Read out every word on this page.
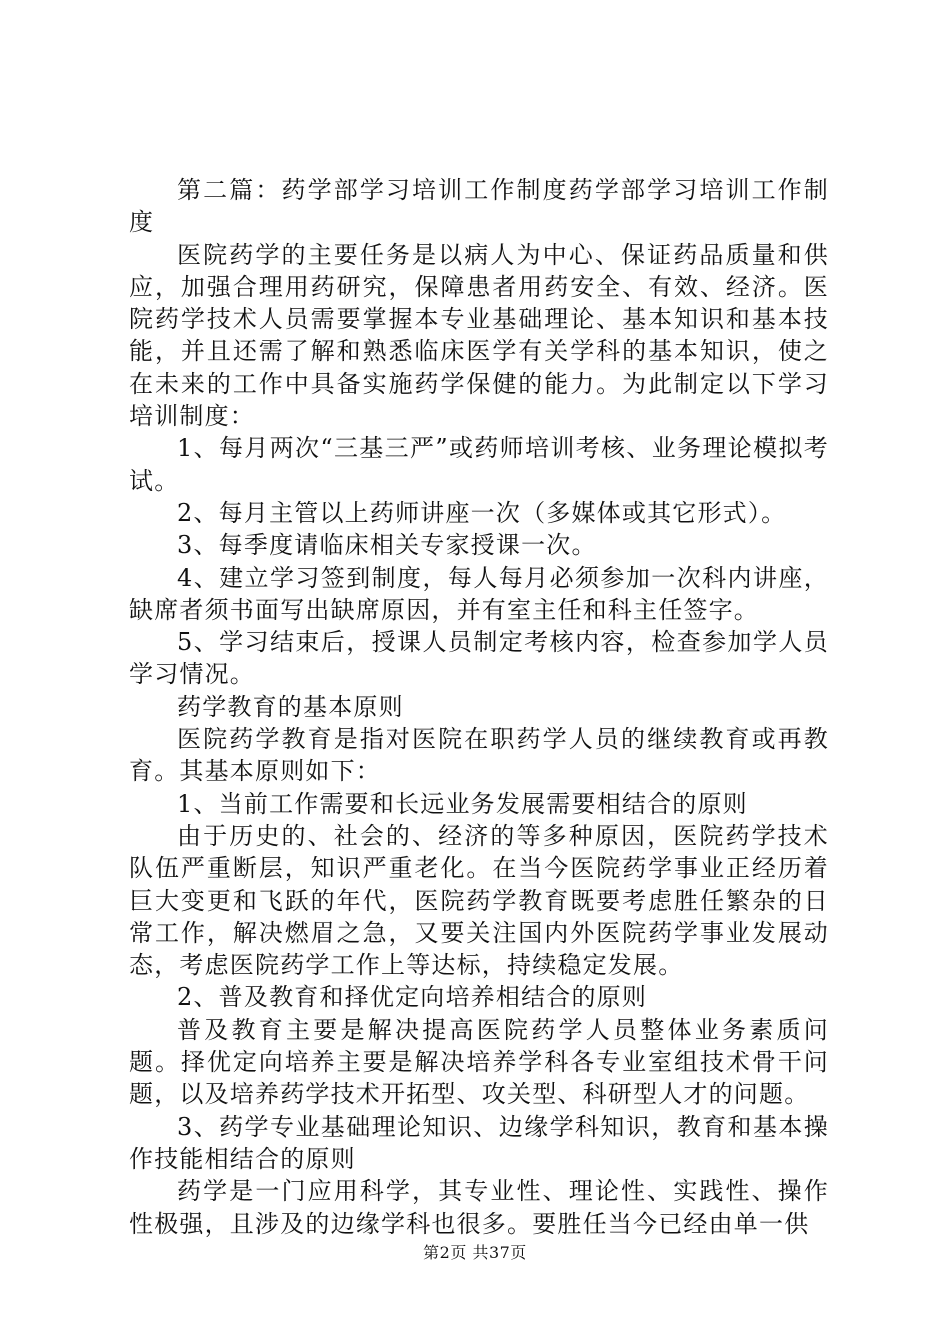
第二篇：药学部学习培训工作制度药学部学习培训工作制度

医院药学的主要任务是以病人为中心、保证药品质量和供应，加强合理用药研究，保障患者用药安全、有效、经济。医院药学技术人员需要掌握本专业基础理论、基本知识和基本技能，并且还需了解和熟悉临床医学有关学科的基本知识，使之在未来的工作中具备实施药学保健的能力。为此制定以下学习培训制度：

1、每月两次“三基三严”或药师培训考核、业务理论模拟考试。

2、每月主管以上药师讲座一次（多媒体或其它形式）。

3、每季度请临床相关专家授课一次。

4、建立学习签到制度，每人每月必须参加一次科内讲座，缺席者须书面写出缺席原因，并有室主任和科主任签字。

5、学习结束后，授课人员制定考核内容，检查参加学人员学习情况。

药学教育的基本原则

医院药学教育是指对医院在职药学人员的继续教育或再教育。其基本原则如下：

1、当前工作需要和长远业务发展需要相结合的原则

由于历史的、社会的、经济的等多种原因，医院药学技术队伍严重断层，知识严重老化。在当今医院药学事业正经历着巨大变更和飞跃的年代，医院药学教育既要考虑胜任繁杂的日常工作，解决燃眉之急，又要关注国内外医院药学事业发展动态，考虑医院药学工作上等达标，持续稳定发展。

2、普及教育和择优定向培养相结合的原则

普及教育主要是解决提高医院药学人员整体业务素质问题。择优定向培养主要是解决培养学科各专业室组技术骨干问题，以及培养药学技术开拓型、攻关型、科研型人才的问题。

3、药学专业基础理论知识、边缘学科知识，教育和基本操作技能相结合的原则

药学是一门应用科学，其专业性、理论性、实践性、操作性极强，且涉及的边缘学科也很多。要胜任当今已经由单一供

第2页 共37页
